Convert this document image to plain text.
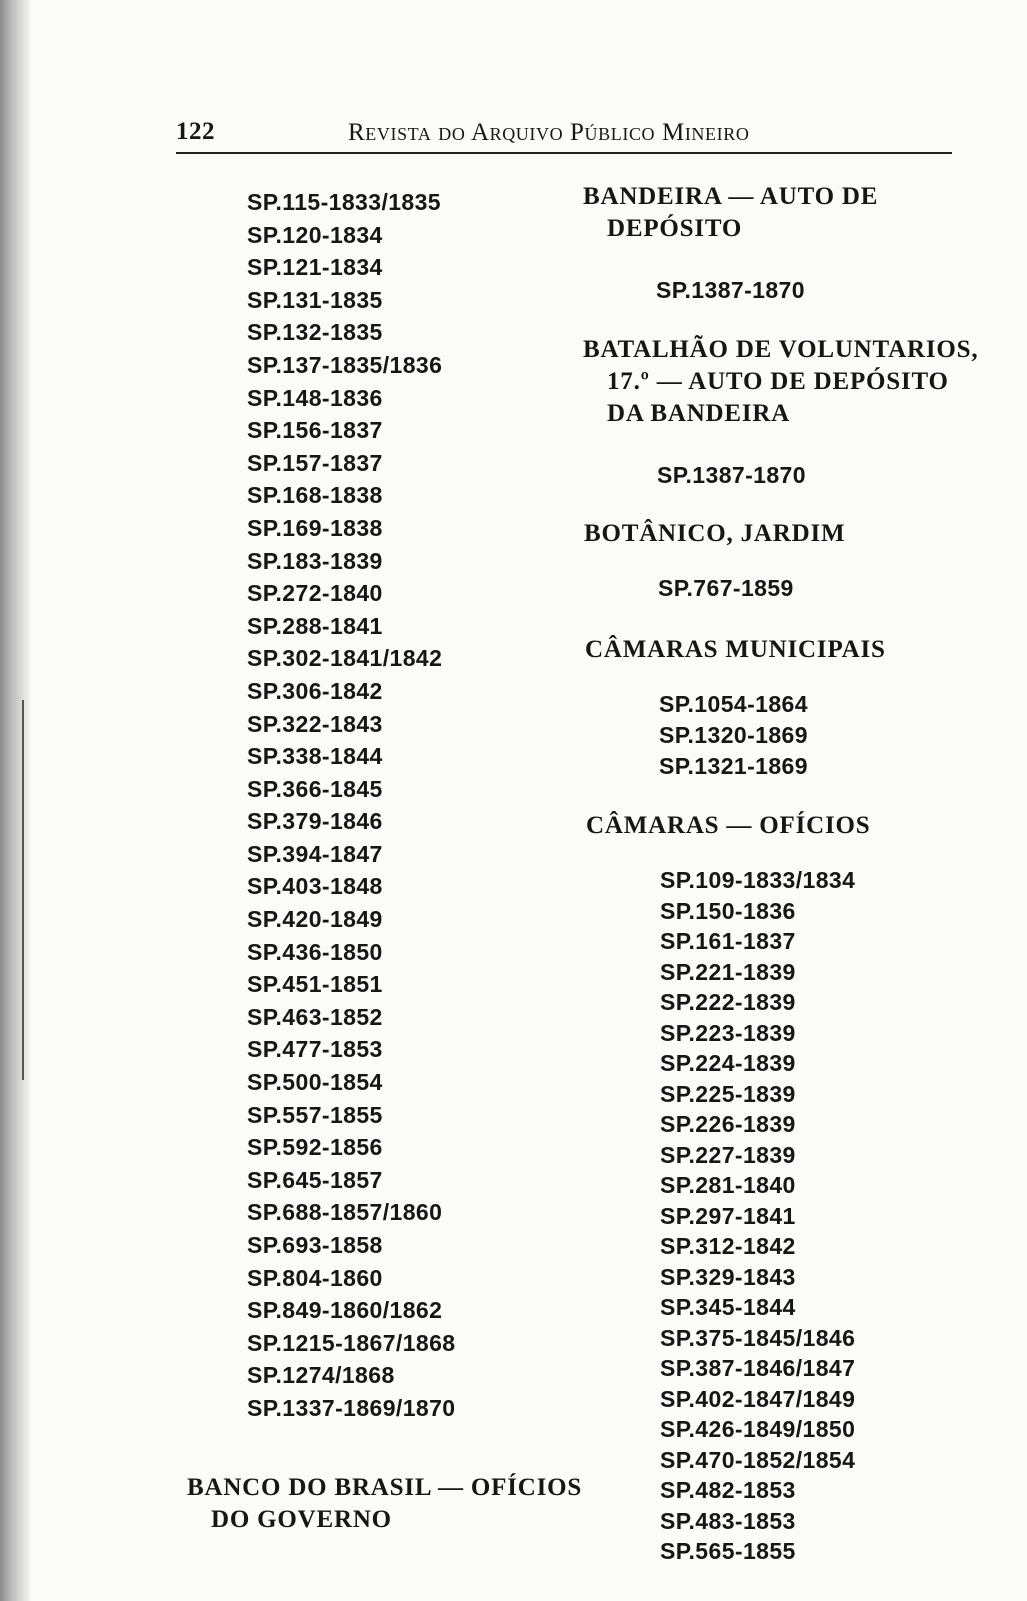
122	Revista do Arquivo Público Mineiro
SP.115-1833/1835
SP.120-1834
SP.121-1834
SP.131-1835
SP.132-1835
SP.137-1835/1836
SP.148-1836
SP.156-1837
SP.157-1837
SP.168-1838
SP.169-1838
SP.183-1839
SP.272-1840
SP.288-1841
SP.302-1841/1842
SP.306-1842
SP.322-1843
SP.338-1844
SP.366-1845
SP.379-1846
SP.394-1847
SP.403-1848
SP.420-1849
SP.436-1850
SP.451-1851
SP.463-1852
SP.477-1853
SP.500-1854
SP.557-1855
SP.592-1856
SP.645-1857
SP.688-1857/1860
SP.693-1858
SP.804-1860
SP.849-1860/1862
SP.1215-1867/1868
SP.1274/1868
SP.1337-1869/1870
BANCO DO BRASIL — OFÍCIOS
DO GOVERNO
BANDEIRA — AUTO DE
DEPÓSITO
SP.1387-1870
BATALHÃO DE VOLUNTARIOS,
17.º — AUTO DE DEPÓSITO
DA BANDEIRA
SP.1387-1870
BOTÂNICO, JARDIM
SP.767-1859
CÂMARAS MUNICIPAIS
SP.1054-1864
SP.1320-1869
SP.1321-1869
CÂMARAS — OFÍCIOS
SP.109-1833/1834
SP.150-1836
SP.161-1837
SP.221-1839
SP.222-1839
SP.223-1839
SP.224-1839
SP.225-1839
SP.226-1839
SP.227-1839
SP.281-1840
SP.297-1841
SP.312-1842
SP.329-1843
SP.345-1844
SP.375-1845/1846
SP.387-1846/1847
SP.402-1847/1849
SP.426-1849/1850
SP.470-1852/1854
SP.482-1853
SP.483-1853
SP.565-1855
